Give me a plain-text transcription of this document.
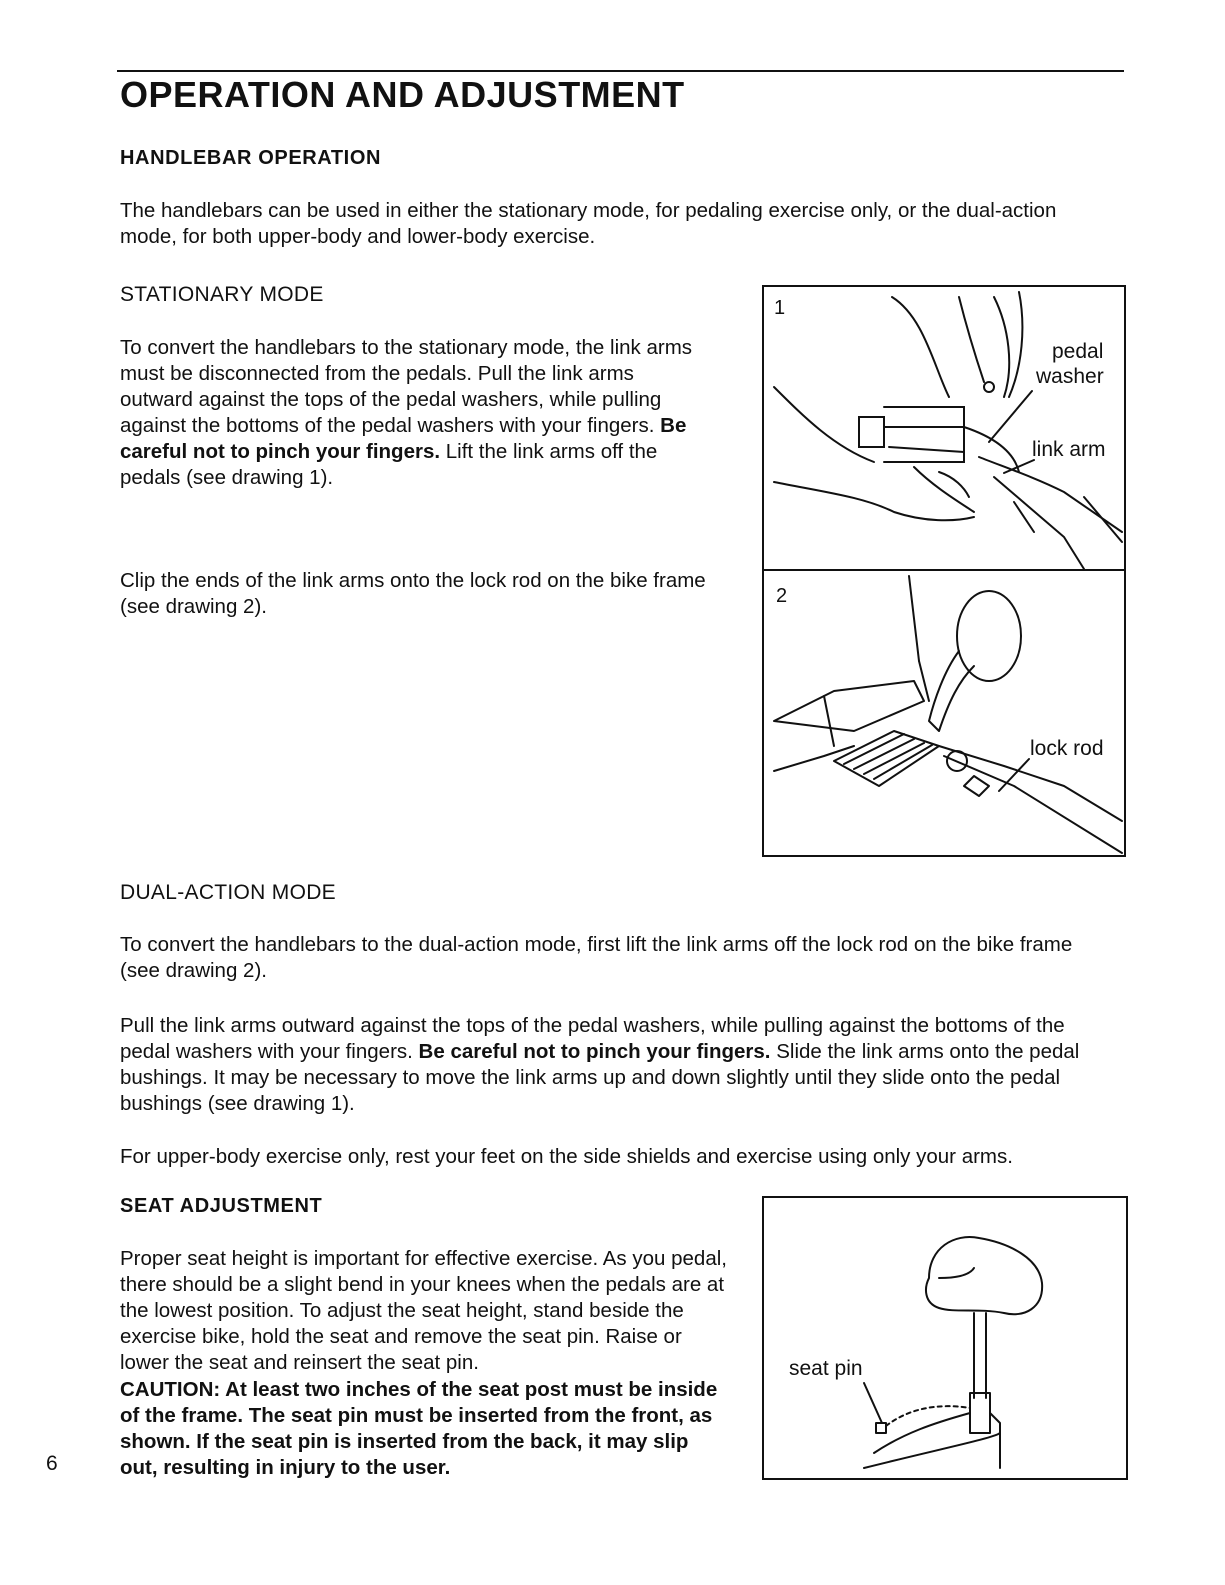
OPERATION AND ADJUSTMENT
HANDLEBAR OPERATION
The handlebars can be used in either the stationary mode, for pedaling exercise only, or the dual-action mode, for both upper-body and lower-body exercise.
STATIONARY MODE
To convert the handlebars to the stationary mode, the link arms must be disconnected from the pedals. Pull the link arms outward against the tops of the pedal washers, while pulling against the bottoms of the pedal washers with your fingers. Be careful not to pinch your fingers. Lift the link arms off the pedals (see drawing 1).
Clip the ends of the link arms onto the lock rod on the bike frame (see drawing 2).
1
pedal
washer
link arm
2
lock rod
DUAL-ACTION MODE
To convert the handlebars to the dual-action mode, first lift the link arms off the lock rod on the bike frame (see drawing 2).
Pull the link arms outward against the tops of the pedal washers, while pulling against the bottoms of the pedal washers with your fingers. Be careful not to pinch your fingers. Slide the link arms onto the pedal bushings. It may be necessary to move the link arms up and down slightly until they slide onto the pedal bushings (see drawing 1).
For upper-body exercise only, rest your feet on the side shields and exercise using only your arms.
SEAT ADJUSTMENT
Proper seat height is important for effective exercise. As you pedal, there should be a slight bend in your knees when the pedals are at the lowest position. To adjust the seat height, stand beside the exercise bike, hold the seat and remove the seat pin. Raise or lower the seat and reinsert the seat pin.
CAUTION: At least two inches of the seat post must be inside of the frame. The seat pin must be inserted from the front, as shown. If the seat pin is inserted from the back, it may slip out, resulting in injury to the user.
seat pin
6
